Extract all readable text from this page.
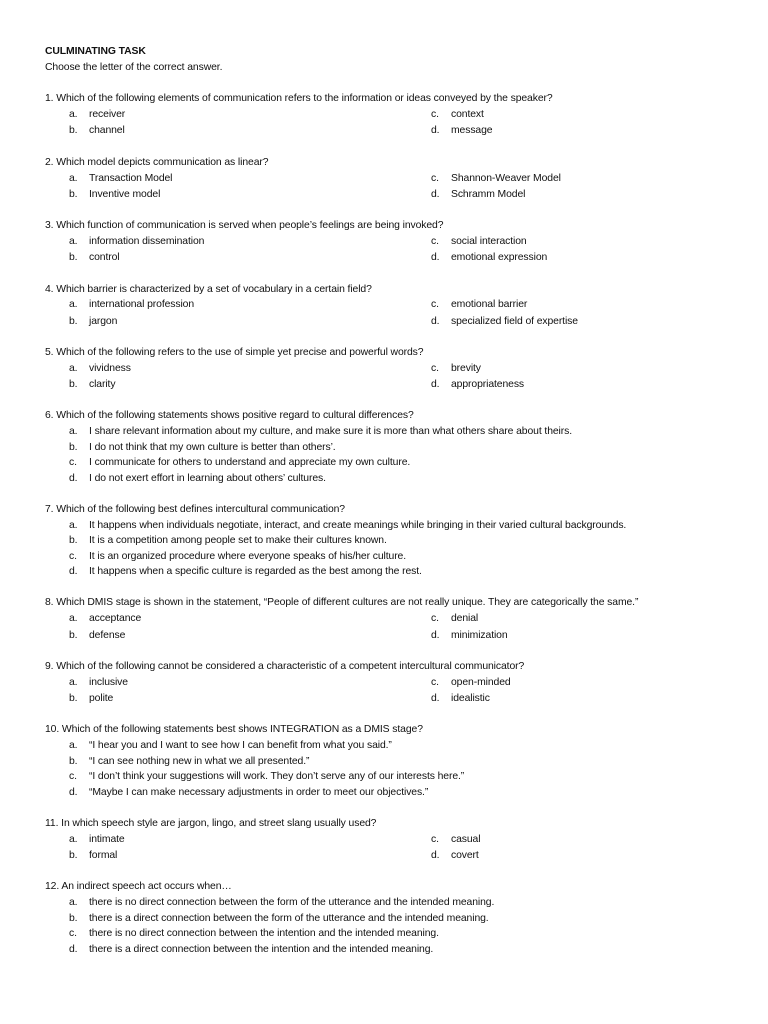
CULMINATING TASK
Choose the letter of the correct answer.
1. Which of the following elements of communication refers to the information or ideas conveyed by the speaker?
a.	receiver
b.	channel
c.	context
d.	message
2. Which model depicts communication as linear?
a.	Transaction Model
b.	Inventive model
c.	Shannon-Weaver Model
d.	Schramm Model
3. Which function of communication is served when people’s feelings are being invoked?
a.	information dissemination
b.	control
c.	social interaction
d.	emotional expression
4. Which barrier is characterized by a set of vocabulary in a certain field?
a.	international profession
b.	jargon
c.	emotional barrier
d.	specialized field of expertise
5. Which of the following refers to the use of simple yet precise and powerful words?
a.	vividness
b.	clarity
c.	brevity
d.	appropriateness
6. Which of the following statements shows positive regard to cultural differences?
a.	I share relevant information about my culture, and make sure it is more than what others share about theirs.
b.	I do not think that my own culture is better than others’.
c.	I communicate for others to understand and appreciate my own culture.
d.	I do not exert effort in learning about others’ cultures.
7. Which of the following best defines intercultural communication?
a.	It happens when individuals negotiate, interact, and create meanings while bringing in their varied cultural backgrounds.
b.	It is a competition among people set to make their cultures known.
c.	It is an organized procedure where everyone speaks of his/her culture.
d.	It happens when a specific culture is regarded as the best among the rest.
8. Which DMIS stage is shown in the statement, “People of different cultures are not really unique. They are categorically the same.”
a.	acceptance
b.	defense
c.	denial
d.	minimization
9. Which of the following cannot be considered a characteristic of a competent intercultural communicator?
a.	inclusive
b.	polite
c.	open-minded
d.	idealistic
10. Which of the following statements best shows INTEGRATION as a DMIS stage?
a.	“I hear you and I want to see how I can benefit from what you said.”
b.	“I can see nothing new in what we all presented.”
c.	“I don’t think your suggestions will work. They don’t serve any of our interests here.”
d.	“Maybe I can make necessary adjustments in order to meet our objectives.”
11. In which speech style are jargon, lingo, and street slang usually used?
a.	intimate
b.	formal
c.	casual
d.	covert
12. An indirect speech act occurs when…
a.	there is no direct connection between the form of the utterance and the intended meaning.
b.	there is a direct connection between the form of the utterance and the intended meaning.
c.	there is no direct connection between the intention and the intended meaning.
d.	there is a direct connection between the intention and the intended meaning.
